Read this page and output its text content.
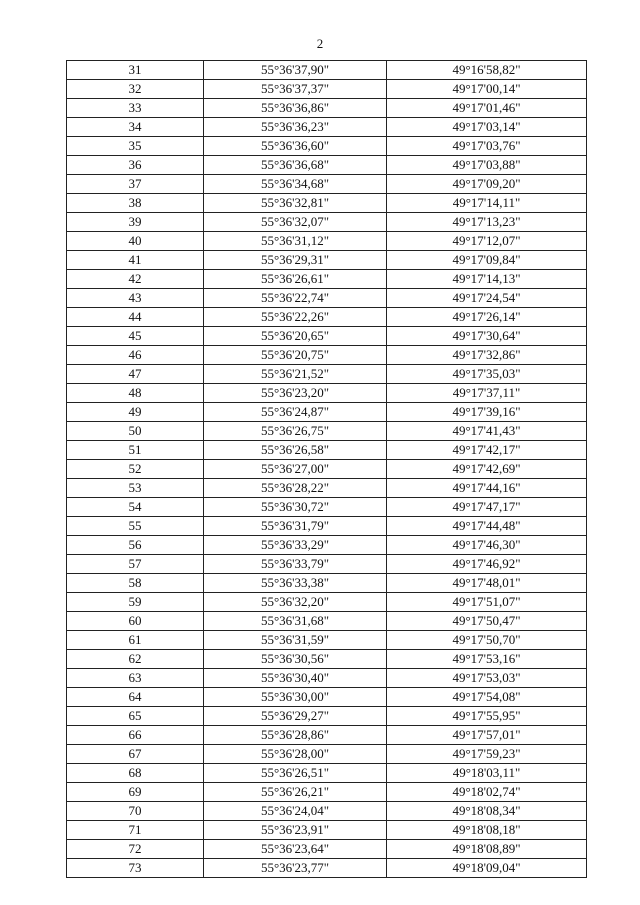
2
31	55°36'37,90"	49°16'58,82"
32	55°36'37,37"	49°17'00,14"
33	55°36'36,86"	49°17'01,46"
34	55°36'36,23"	49°17'03,14"
35	55°36'36,60"	49°17'03,76"
36	55°36'36,68"	49°17'03,88"
37	55°36'34,68"	49°17'09,20"
38	55°36'32,81"	49°17'14,11"
39	55°36'32,07"	49°17'13,23"
40	55°36'31,12"	49°17'12,07"
41	55°36'29,31"	49°17'09,84"
42	55°36'26,61"	49°17'14,13"
43	55°36'22,74"	49°17'24,54"
44	55°36'22,26"	49°17'26,14"
45	55°36'20,65"	49°17'30,64"
46	55°36'20,75"	49°17'32,86"
47	55°36'21,52"	49°17'35,03"
48	55°36'23,20"	49°17'37,11"
49	55°36'24,87"	49°17'39,16"
50	55°36'26,75"	49°17'41,43"
51	55°36'26,58"	49°17'42,17"
52	55°36'27,00"	49°17'42,69"
53	55°36'28,22"	49°17'44,16"
54	55°36'30,72"	49°17'47,17"
55	55°36'31,79"	49°17'44,48"
56	55°36'33,29"	49°17'46,30"
57	55°36'33,79"	49°17'46,92"
58	55°36'33,38"	49°17'48,01"
59	55°36'32,20"	49°17'51,07"
60	55°36'31,68"	49°17'50,47"
61	55°36'31,59"	49°17'50,70"
62	55°36'30,56"	49°17'53,16"
63	55°36'30,40"	49°17'53,03"
64	55°36'30,00"	49°17'54,08"
65	55°36'29,27"	49°17'55,95"
66	55°36'28,86"	49°17'57,01"
67	55°36'28,00"	49°17'59,23"
68	55°36'26,51"	49°18'03,11"
69	55°36'26,21"	49°18'02,74"
70	55°36'24,04"	49°18'08,34"
71	55°36'23,91"	49°18'08,18"
72	55°36'23,64"	49°18'08,89"
73	55°36'23,77"	49°18'09,04"
